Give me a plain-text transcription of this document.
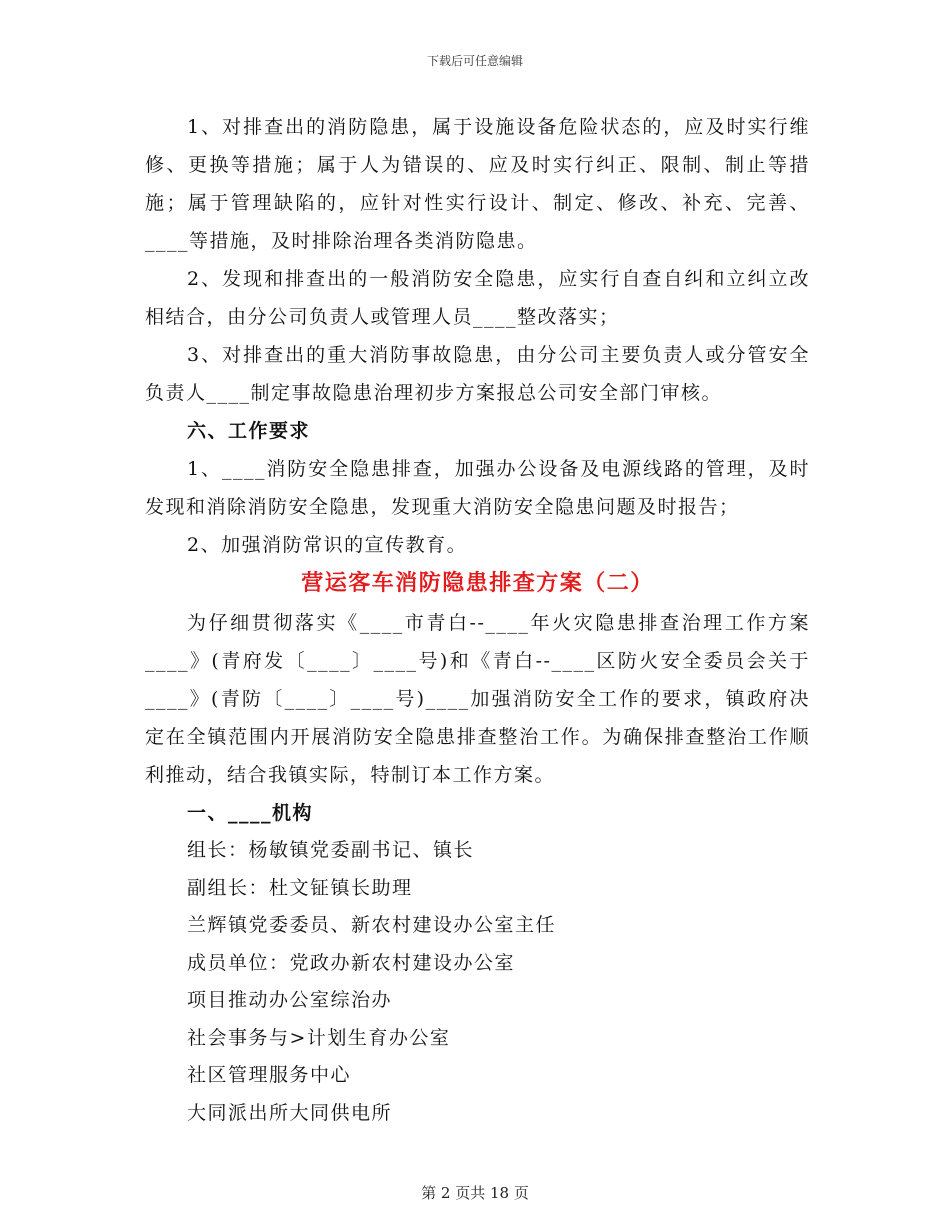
下载后可任意编辑

1、对排查出的消防隐患，属于设施设备危险状态的，应及时实行维修、更换等措施；属于人为错误的、应及时实行纠正、限制、制止等措施；属于管理缺陷的，应针对性实行设计、制定、修改、补充、完善、____等措施，及时排除治理各类消防隐患。

2、发现和排查出的一般消防安全隐患，应实行自查自纠和立纠立改相结合，由分公司负责人或管理人员____整改落实；

3、对排查出的重大消防事故隐患，由分公司主要负责人或分管安全负责人____制定事故隐患治理初步方案报总公司安全部门审核。

六、工作要求

1、____消防安全隐患排查，加强办公设备及电源线路的管理，及时发现和消除消防安全隐患，发现重大消防安全隐患问题及时报告；

2、加强消防常识的宣传教育。

营运客车消防隐患排查方案（二）

为仔细贯彻落实《____市青白--____年火灾隐患排查治理工作方案____》(青府发〔____〕____号)和《青白--____区防火安全委员会关于____》(青防〔____〕____号)____加强消防安全工作的要求，镇政府决定在全镇范围内开展消防安全隐患排查整治工作。为确保排查整治工作顺利推动，结合我镇实际，特制订本工作方案。

一、____机构

组长：杨敏镇党委副书记、镇长

副组长：杜文钲镇长助理

兰辉镇党委委员、新农村建设办公室主任

成员单位：党政办新农村建设办公室

项目推动办公室综治办

社会事务与>计划生育办公室

社区管理服务中心

大同派出所大同供电所

第 2 页共 18 页
